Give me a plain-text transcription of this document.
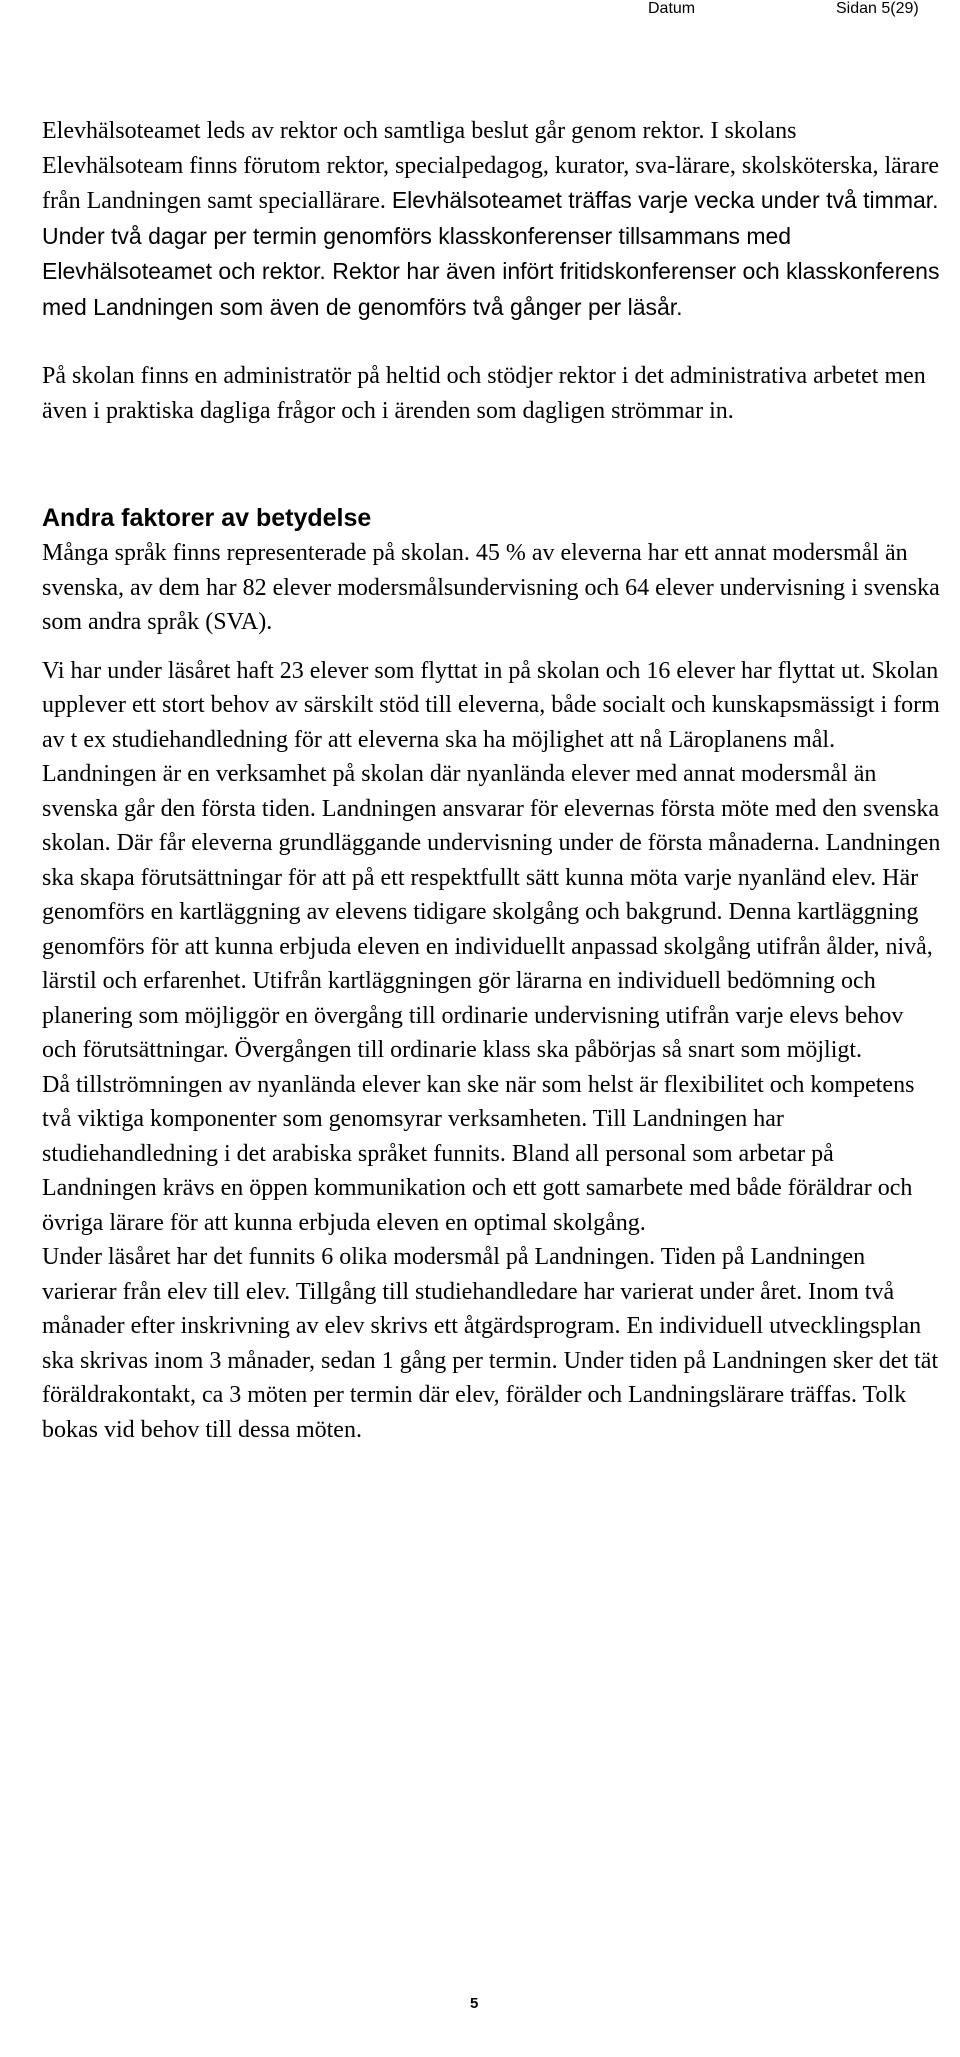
Datum	Sidan 5(29)

Elevhälsoteamet leds av rektor och samtliga beslut går genom rektor. I skolans Elevhälsoteam finns förutom rektor, specialpedagog, kurator, sva-lärare, skolsköterska, lärare från Landningen samt speciallärare. Elevhälsoteamet träffas varje vecka under två timmar. Under två dagar per termin genomförs klasskonferenser tillsammans med Elevhälsoteamet och rektor. Rektor har även infört fritidskonferenser och klasskonferens med Landningen som även de genomförs två gånger per läsår.

På skolan finns en administratör på heltid och stödjer rektor i det administrativa arbetet men även i praktiska dagliga frågor och i ärenden som dagligen strömmar in.

Andra faktorer av betydelse

Många språk finns representerade på skolan. 45 % av eleverna har ett annat modersmål än svenska, av dem har 82 elever modersmålsundervisning och 64 elever undervisning i svenska som andra språk (SVA).

Vi har under läsåret haft 23 elever som flyttat in på skolan och 16 elever har flyttat ut. Skolan upplever ett stort behov av särskilt stöd till eleverna, både socialt och kunskapsmässigt i form av t ex studiehandledning för att eleverna ska ha möjlighet att nå Läroplanens mål.

Landningen är en verksamhet på skolan där nyanlända elever med annat modersmål än svenska går den första tiden. Landningen ansvarar för elevernas första möte med den svenska skolan. Där får eleverna grundläggande undervisning under de första månaderna. Landningen ska skapa förutsättningar för att på ett respektfullt sätt kunna möta varje nyanländ elev. Här genomförs en kartläggning av elevens tidigare skolgång och bakgrund. Denna kartläggning genomförs för att kunna erbjuda eleven en individuellt anpassad skolgång utifrån ålder, nivå, lärstil och erfarenhet. Utifrån kartläggningen gör lärarna en individuell bedömning och planering som möjliggör en övergång till ordinarie undervisning utifrån varje elevs behov och förutsättningar. Övergången till ordinarie klass ska påbörjas så snart som möjligt.

Då tillströmningen av nyanlända elever kan ske när som helst är flexibilitet och kompetens två viktiga komponenter som genomsyrar verksamheten. Till Landningen har studiehandledning i det arabiska språket funnits. Bland all personal som arbetar på Landningen krävs en öppen kommunikation och ett gott samarbete med både föräldrar och övriga lärare för att kunna erbjuda eleven en optimal skolgång.

Under läsåret har det funnits 6 olika modersmål på Landningen. Tiden på Landningen varierar från elev till elev. Tillgång till studiehandledare har varierat under året. Inom två månader efter inskrivning av elev skrivs ett åtgärdsprogram. En individuell utvecklingsplan ska skrivas inom 3 månader, sedan 1 gång per termin. Under tiden på Landningen sker det tät föräldrakontakt, ca 3 möten per termin där elev, förälder och Landningslärare träffas. Tolk bokas vid behov till dessa möten.

5
